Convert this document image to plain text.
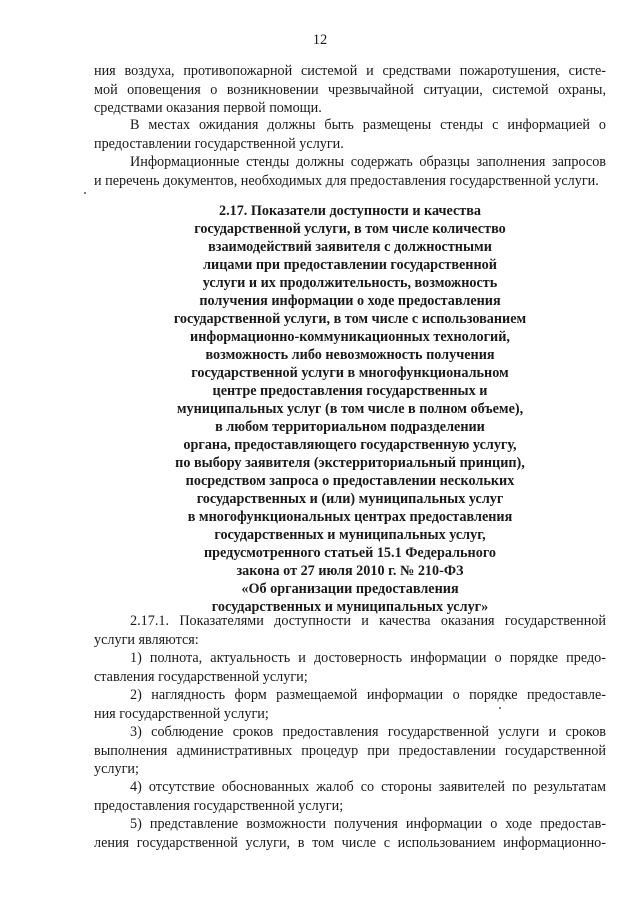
12
ния воздуха, противопожарной системой и средствами пожаротушения, систе-
мой оповещения о возникновении чрезвычайной ситуации, системой охраны,
средствами оказания первой помощи.
В местах ожидания должны быть размещены стенды с информацией о
предоставлении государственной услуги.
Информационные стенды должны содержать образцы заполнения запросов
и перечень документов, необходимых для предоставления государственной услуги.
2.17. Показатели доступности и качества
государственной услуги, в том числе количество
взаимодействий заявителя с должностными
лицами при предоставлении государственной
услуги и их продолжительность, возможность
получения информации о ходе предоставления
государственной услуги, в том числе с использованием
информационно-коммуникационных технологий,
возможность либо невозможность получения
государственной услуги в многофункциональном
центре предоставления государственных и
муниципальных услуг (в том числе в полном объеме),
в любом территориальном подразделении
органа, предоставляющего государственную услугу,
по выбору заявителя (экстерриториальный принцип),
посредством запроса о предоставлении нескольких
государственных и (или) муниципальных услуг
в многофункциональных центрах предоставления
государственных и муниципальных услуг,
предусмотренного статьей 15.1 Федерального
закона от 27 июля 2010 г. № 210-ФЗ
«Об организации предоставления
государственных и муниципальных услуг»
2.17.1. Показателями доступности и качества оказания государственной
услуги являются:
1) полнота, актуальность и достоверность информации о порядке предо-
ставления государственной услуги;
2) наглядность форм размещаемой информации о порядке предоставле-
ния государственной услуги;
3) соблюдение сроков предоставления государственной услуги и сроков
выполнения административных процедур при предоставлении государственной
услуги;
4) отсутствие обоснованных жалоб со стороны заявителей по результатам
предоставления государственной услуги;
5) представление возможности получения информации о ходе предостав-
ления государственной услуги, в том числе с использованием информационно-
